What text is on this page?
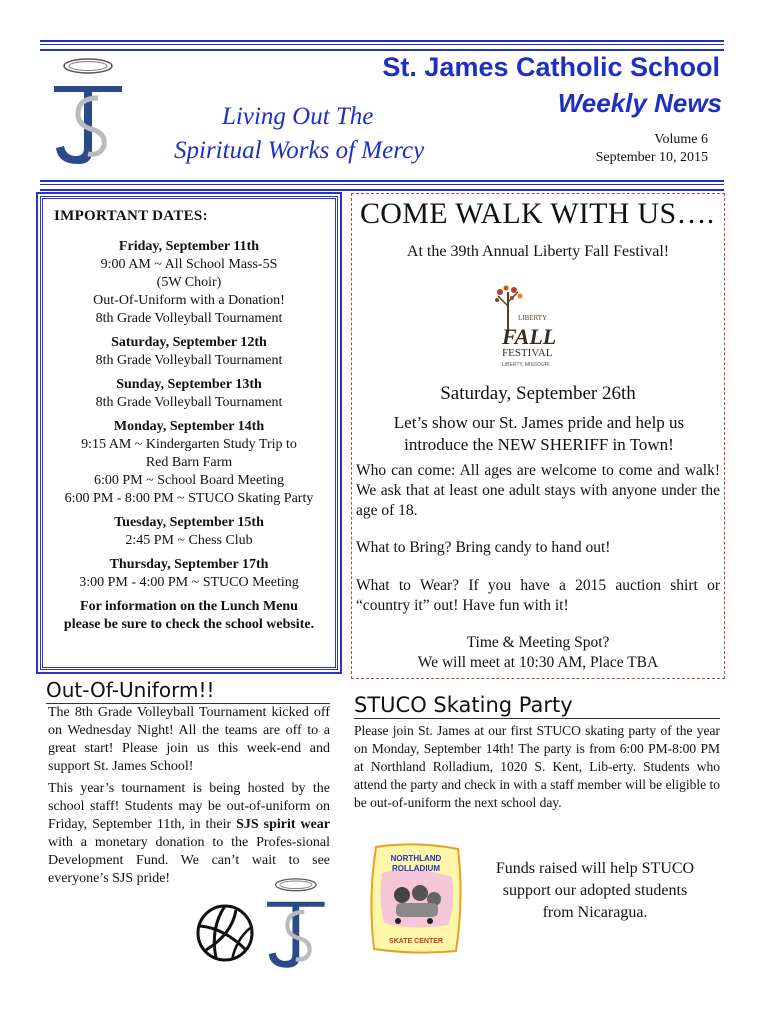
St. James Catholic School
Weekly News
Living Out The
Spiritual Works of Mercy	Volume 6
September 10, 2015
IMPORTANT DATES:
Friday, September 11th
9:00 AM ~ All School Mass-5S
(5W Choir)
Out-Of-Uniform with a Donation!
8th Grade Volleyball Tournament
Saturday, September 12th
8th Grade Volleyball Tournament
Sunday, September 13th
8th Grade Volleyball Tournament
Monday, September 14th
9:15 AM ~ Kindergarten Study Trip to
Red Barn Farm
6:00 PM ~ School Board Meeting
6:00 PM - 8:00 PM ~ STUCO Skating Party
Tuesday, September 15th
2:45 PM ~ Chess Club
Thursday, September 17th
3:00 PM - 4:00 PM ~ STUCO Meeting
For information on the Lunch Menu
please be sure to check the school website.
COME WALK WITH US….
At the 39th Annual Liberty Fall Festival!
LIBERTY
FALL
FESTIVAL
LIBERTY, MISSOURI
Saturday, September 26th
Let’s show our St. James pride and help us
introduce the NEW SHERIFF in Town!
Who can come: All ages are welcome to come and walk! We ask that at least one adult stays with anyone under the age of 18.
What to Bring? Bring candy to hand out!
What to Wear? If you have a 2015 auction shirt or “country it” out! Have fun with it!
Time & Meeting Spot?
We will meet at 10:30 AM, Place TBA
Out-Of-Uniform!!
The 8th Grade Volleyball Tournament kicked off on Wednesday Night! All the teams are off to a great start! Please join us this week-end and support St. James School!
This year’s tournament is being hosted by the school staff! Students may be out-of-uniform on Friday, September 11th, in their SJS spirit wear with a monetary donation to the Profes-sional Development Fund. We can’t wait to see everyone’s SJS pride!
STUCO Skating Party
Please join St. James at our first STUCO skating party of the year on Monday, September 14th! The party is from 6:00 PM-8:00 PM at Northland Rolladium, 1020 S. Kent, Lib-erty. Students who attend the party and check in with a staff member will be eligible to be out-of-uniform the next school day.
NORTHLAND
ROLLADIUM
SKATE CENTER
Funds raised will help STUCO
support our adopted students
from Nicaragua.
